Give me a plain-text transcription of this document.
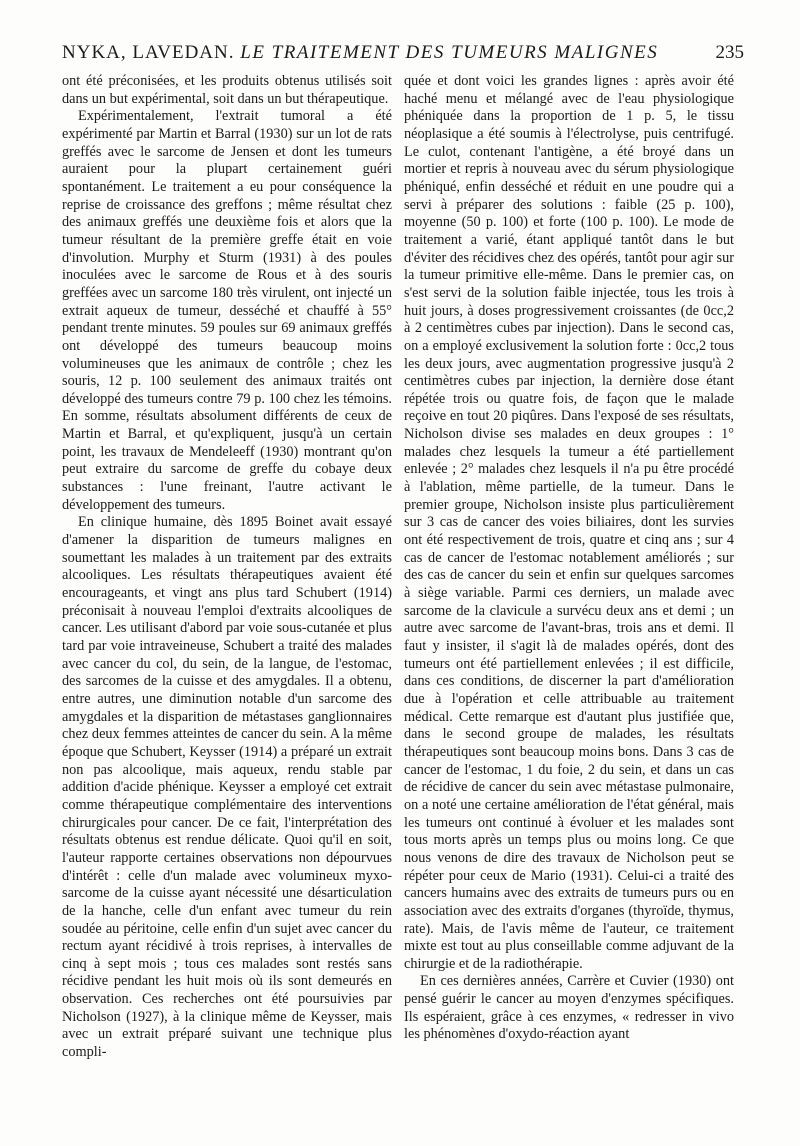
NYKA, LAVEDAN. LE TRAITEMENT DES TUMEURS MALIGNES	235

ont été préconisées, et les produits obtenus utilisés soit dans un but expérimental, soit dans un but thérapeutique.

Expérimentalement, l'extrait tumoral a été expérimenté par Martin et Barral (1930) sur un lot de rats greffés avec le sarcome de Jensen et dont les tumeurs auraient pour la plupart certainement guéri spontanément. Le traitement a eu pour conséquence la reprise de croissance des greffons ; même résultat chez des animaux greffés une deuxième fois et alors que la tumeur résultant de la première greffe était en voie d'involution. Murphy et Sturm (1931) à des poules inoculées avec le sarcome de Rous et à des souris greffées avec un sarcome 180 très virulent, ont injecté un extrait aqueux de tumeur, desséché et chauffé à 55° pendant trente minutes. 59 poules sur 69 animaux greffés ont développé des tumeurs beaucoup moins volumineuses que les animaux de contrôle ; chez les souris, 12 p. 100 seulement des animaux traités ont développé des tumeurs contre 79 p. 100 chez les témoins. En somme, résultats absolument différents de ceux de Martin et Barral, et qu'expliquent, jusqu'à un certain point, les travaux de Mendeleeff (1930) montrant qu'on peut extraire du sarcome de greffe du cobaye deux substances : l'une freinant, l'autre activant le développement des tumeurs.

En clinique humaine, dès 1895 Boinet avait essayé d'amener la disparition de tumeurs malignes en soumettant les malades à un traitement par des extraits alcooliques. Les résultats thérapeutiques avaient été encourageants, et vingt ans plus tard Schubert (1914) préconisait à nouveau l'emploi d'extraits alcooliques de cancer. Les utilisant d'abord par voie sous-cutanée et plus tard par voie intraveineuse, Schubert a traité des malades avec cancer du col, du sein, de la langue, de l'estomac, des sarcomes de la cuisse et des amygdales. Il a obtenu, entre autres, une diminution notable d'un sarcome des amygdales et la disparition de métastases ganglionnaires chez deux femmes atteintes de cancer du sein. A la même époque que Schubert, Keysser (1914) a préparé un extrait non pas alcoolique, mais aqueux, rendu stable par addition d'acide phénique. Keysser a employé cet extrait comme thérapeutique complémentaire des interventions chirurgicales pour cancer. De ce fait, l'interprétation des résultats obtenus est rendue délicate. Quoi qu'il en soit, l'auteur rapporte certaines observations non dépourvues d'intérêt : celle d'un malade avec volumineux myxo-sarcome de la cuisse ayant nécessité une désarticulation de la hanche, celle d'un enfant avec tumeur du rein soudée au péritoine, celle enfin d'un sujet avec cancer du rectum ayant récidivé à trois reprises, à intervalles de cinq à sept mois ; tous ces malades sont restés sans récidive pendant les huit mois où ils sont demeurés en observation. Ces recherches ont été poursuivies par Nicholson (1927), à la clinique même de Keysser, mais avec un extrait préparé suivant une technique plus compli-

quée et dont voici les grandes lignes : après avoir été haché menu et mélangé avec de l'eau physiologique phéniquée dans la proportion de 1 p. 5, le tissu néoplasique a été soumis à l'électrolyse, puis centrifugé. Le culot, contenant l'antigène, a été broyé dans un mortier et repris à nouveau avec du sérum physiologique phéniqué, enfin desséché et réduit en une poudre qui a servi à préparer des solutions : faible (25 p. 100), moyenne (50 p. 100) et forte (100 p. 100). Le mode de traitement a varié, étant appliqué tantôt dans le but d'éviter des récidives chez des opérés, tantôt pour agir sur la tumeur primitive elle-même. Dans le premier cas, on s'est servi de la solution faible injectée, tous les trois à huit jours, à doses progressivement croissantes (de 0cc,2 à 2 centimètres cubes par injection). Dans le second cas, on a employé exclusivement la solution forte : 0cc,2 tous les deux jours, avec augmentation progressive jusqu'à 2 centimètres cubes par injection, la dernière dose étant répétée trois ou quatre fois, de façon que le malade reçoive en tout 20 piqûres. Dans l'exposé de ses résultats, Nicholson divise ses malades en deux groupes : 1° malades chez lesquels la tumeur a été partiellement enlevée ; 2° malades chez lesquels il n'a pu être procédé à l'ablation, même partielle, de la tumeur. Dans le premier groupe, Nicholson insiste plus particulièrement sur 3 cas de cancer des voies biliaires, dont les survies ont été respectivement de trois, quatre et cinq ans ; sur 4 cas de cancer de l'estomac notablement améliorés ; sur des cas de cancer du sein et enfin sur quelques sarcomes à siège variable. Parmi ces derniers, un malade avec sarcome de la clavicule a survécu deux ans et demi ; un autre avec sarcome de l'avant-bras, trois ans et demi. Il faut y insister, il s'agit là de malades opérés, dont des tumeurs ont été partiellement enlevées ; il est difficile, dans ces conditions, de discerner la part d'amélioration due à l'opération et celle attribuable au traitement médical. Cette remarque est d'autant plus justifiée que, dans le second groupe de malades, les résultats thérapeutiques sont beaucoup moins bons. Dans 3 cas de cancer de l'estomac, 1 du foie, 2 du sein, et dans un cas de récidive de cancer du sein avec métastase pulmonaire, on a noté une certaine amélioration de l'état général, mais les tumeurs ont continué à évoluer et les malades sont tous morts après un temps plus ou moins long. Ce que nous venons de dire des travaux de Nicholson peut se répéter pour ceux de Mario (1931). Celui-ci a traité des cancers humains avec des extraits de tumeurs purs ou en association avec des extraits d'organes (thyroïde, thymus, rate). Mais, de l'avis même de l'auteur, ce traitement mixte est tout au plus conseillable comme adjuvant de la chirurgie et de la radiothérapie.

En ces dernières années, Carrère et Cuvier (1930) ont pensé guérir le cancer au moyen d'enzymes spécifiques. Ils espéraient, grâce à ces enzymes, « redresser in vivo les phénomènes d'oxydo-réaction ayant
